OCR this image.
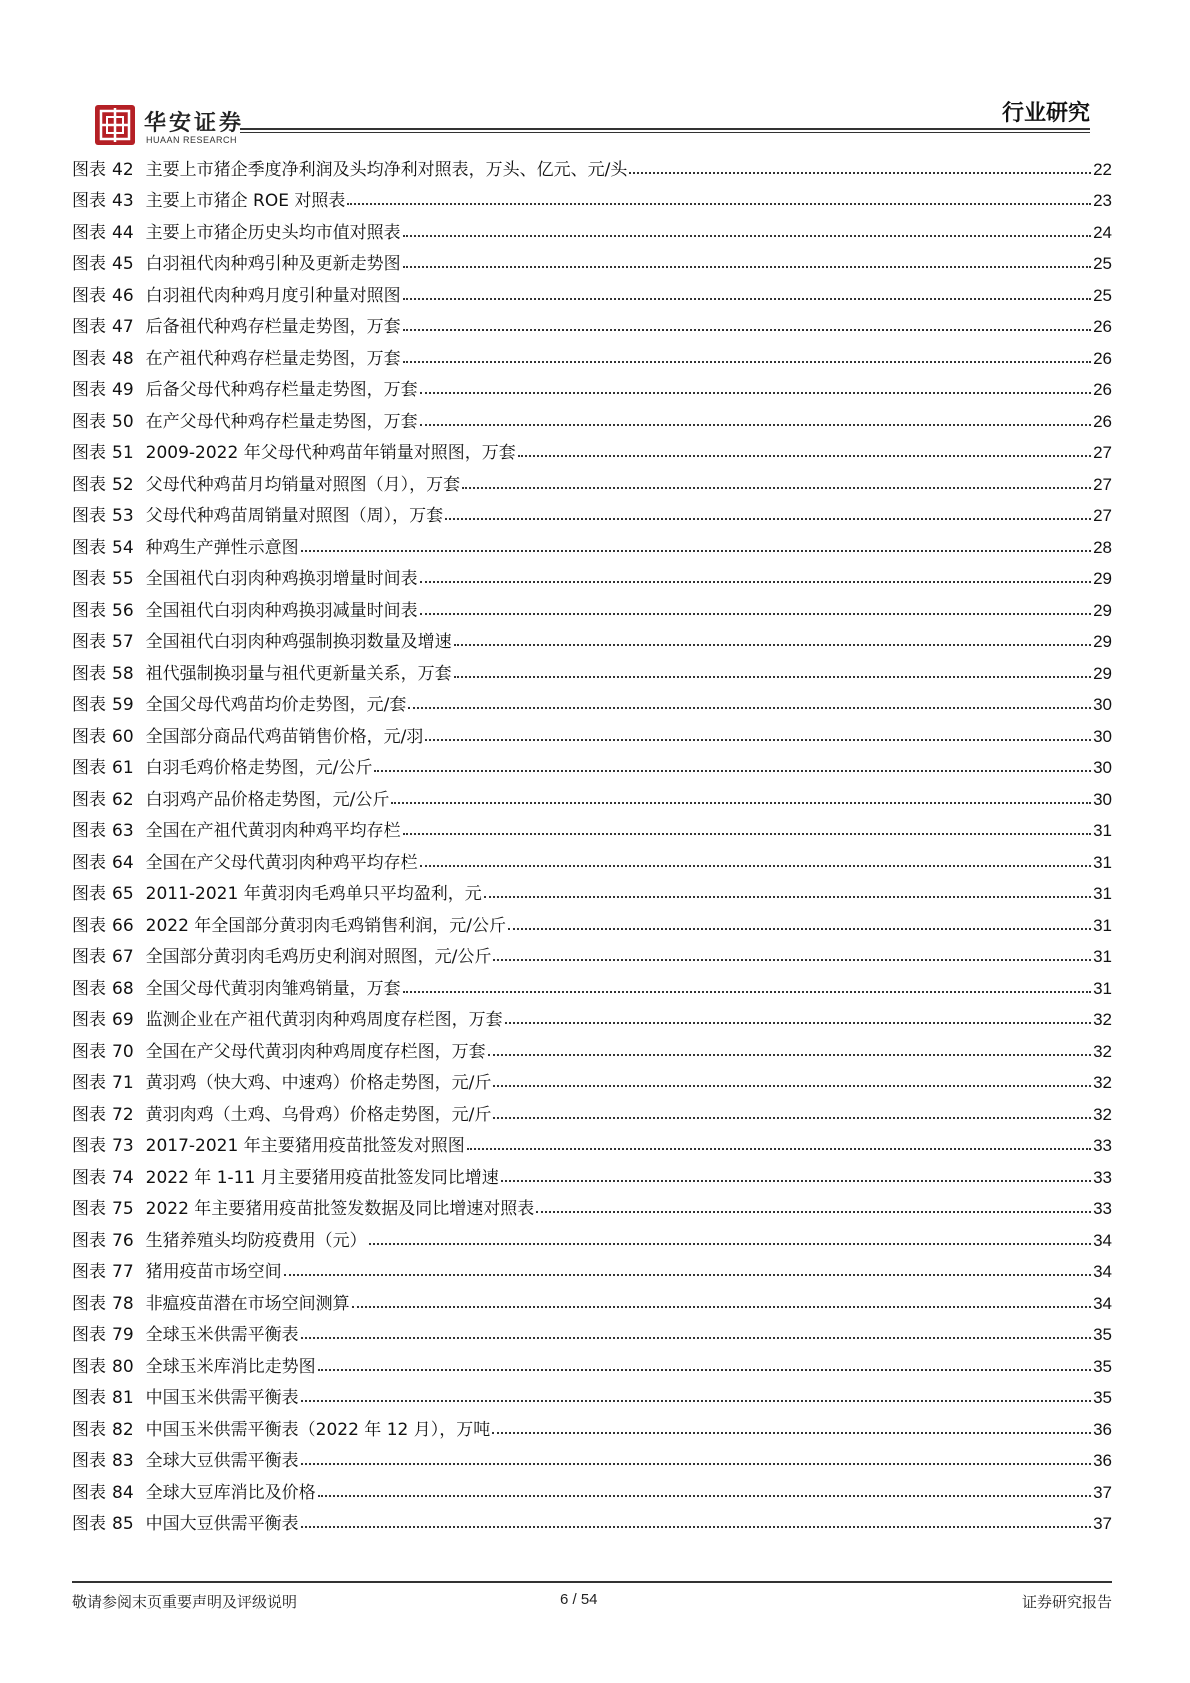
华安证券
HUAAN RESEARCH
行业研究
图表 42 主要上市猪企季度净利润及头均净利对照表，万头、亿元、元/头	22
图表 43 主要上市猪企 ROE 对照表	23
图表 44 主要上市猪企历史头均市值对照表	24
图表 45 白羽祖代肉种鸡引种及更新走势图	25
图表 46 白羽祖代肉种鸡月度引种量对照图	25
图表 47 后备祖代种鸡存栏量走势图，万套	26
图表 48 在产祖代种鸡存栏量走势图，万套	26
图表 49 后备父母代种鸡存栏量走势图，万套	26
图表 50 在产父母代种鸡存栏量走势图，万套	26
图表 51 2009-2022 年父母代种鸡苗年销量对照图，万套	27
图表 52 父母代种鸡苗月均销量对照图（月），万套	27
图表 53 父母代种鸡苗周销量对照图（周），万套	27
图表 54 种鸡生产弹性示意图	28
图表 55 全国祖代白羽肉种鸡换羽增量时间表	29
图表 56 全国祖代白羽肉种鸡换羽减量时间表	29
图表 57 全国祖代白羽肉种鸡强制换羽数量及增速	29
图表 58 祖代强制换羽量与祖代更新量关系，万套	29
图表 59 全国父母代鸡苗均价走势图，元/套	30
图表 60 全国部分商品代鸡苗销售价格，元/羽	30
图表 61 白羽毛鸡价格走势图，元/公斤	30
图表 62 白羽鸡产品价格走势图，元/公斤	30
图表 63 全国在产祖代黄羽肉种鸡平均存栏	31
图表 64 全国在产父母代黄羽肉种鸡平均存栏	31
图表 65 2011-2021 年黄羽肉毛鸡单只平均盈利，元	31
图表 66 2022 年全国部分黄羽肉毛鸡销售利润，元/公斤	31
图表 67 全国部分黄羽肉毛鸡历史利润对照图，元/公斤	31
图表 68 全国父母代黄羽肉雏鸡销量，万套	31
图表 69 监测企业在产祖代黄羽肉种鸡周度存栏图，万套	32
图表 70 全国在产父母代黄羽肉种鸡周度存栏图，万套	32
图表 71 黄羽鸡（快大鸡、中速鸡）价格走势图，元/斤	32
图表 72 黄羽肉鸡（土鸡、乌骨鸡）价格走势图，元/斤	32
图表 73 2017-2021 年主要猪用疫苗批签发对照图	33
图表 74 2022 年 1-11 月主要猪用疫苗批签发同比增速	33
图表 75 2022 年主要猪用疫苗批签发数据及同比增速对照表	33
图表 76 生猪养殖头均防疫费用（元）	34
图表 77 猪用疫苗市场空间	34
图表 78 非瘟疫苗潜在市场空间测算	34
图表 79 全球玉米供需平衡表	35
图表 80 全球玉米库消比走势图	35
图表 81 中国玉米供需平衡表	35
图表 82 中国玉米供需平衡表（2022 年 12 月），万吨	36
图表 83 全球大豆供需平衡表	36
图表 84 全球大豆库消比及价格	37
图表 85 中国大豆供需平衡表	37
敬请参阅末页重要声明及评级说明	6 / 54	证券研究报告
